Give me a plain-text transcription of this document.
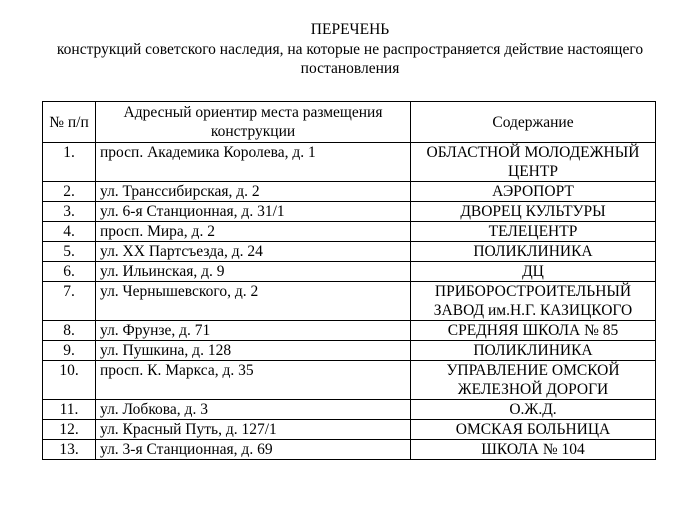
ПЕРЕЧЕНЬ
конструкций советского наследия, на которые не распространяется действие настоящего постановления
№ п/п	Адресный ориентир места размещения конструкции	Содержание
1.	просп. Академика Королева, д. 1	ОБЛАСТНОЙ МОЛОДЕЖНЫЙ ЦЕНТР
2.	ул. Транссибирская, д. 2	АЭРОПОРТ
3.	ул. 6-я Станционная, д. 31/1	ДВОРЕЦ КУЛЬТУРЫ
4.	просп. Мира, д. 2	ТЕЛЕЦЕНТР
5.	ул. XX Партсъезда, д. 24	ПОЛИКЛИНИКА
6.	ул. Ильинская, д. 9	ДЦ
7.	ул. Чернышевского, д. 2	ПРИБОРОСТРОИТЕЛЬНЫЙ ЗАВОД им.Н.Г. КАЗИЦКОГО
8.	ул. Фрунзе, д. 71	СРЕДНЯЯ ШКОЛА № 85
9.	ул. Пушкина, д. 128	ПОЛИКЛИНИКА
10.	просп. К. Маркса, д. 35	УПРАВЛЕНИЕ ОМСКОЙ ЖЕЛЕЗНОЙ ДОРОГИ
11.	ул. Лобкова, д. 3	О.Ж.Д.
12.	ул. Красный Путь, д. 127/1	ОМСКАЯ БОЛЬНИЦА
13.	ул. 3-я Станционная, д. 69	ШКОЛА № 104
